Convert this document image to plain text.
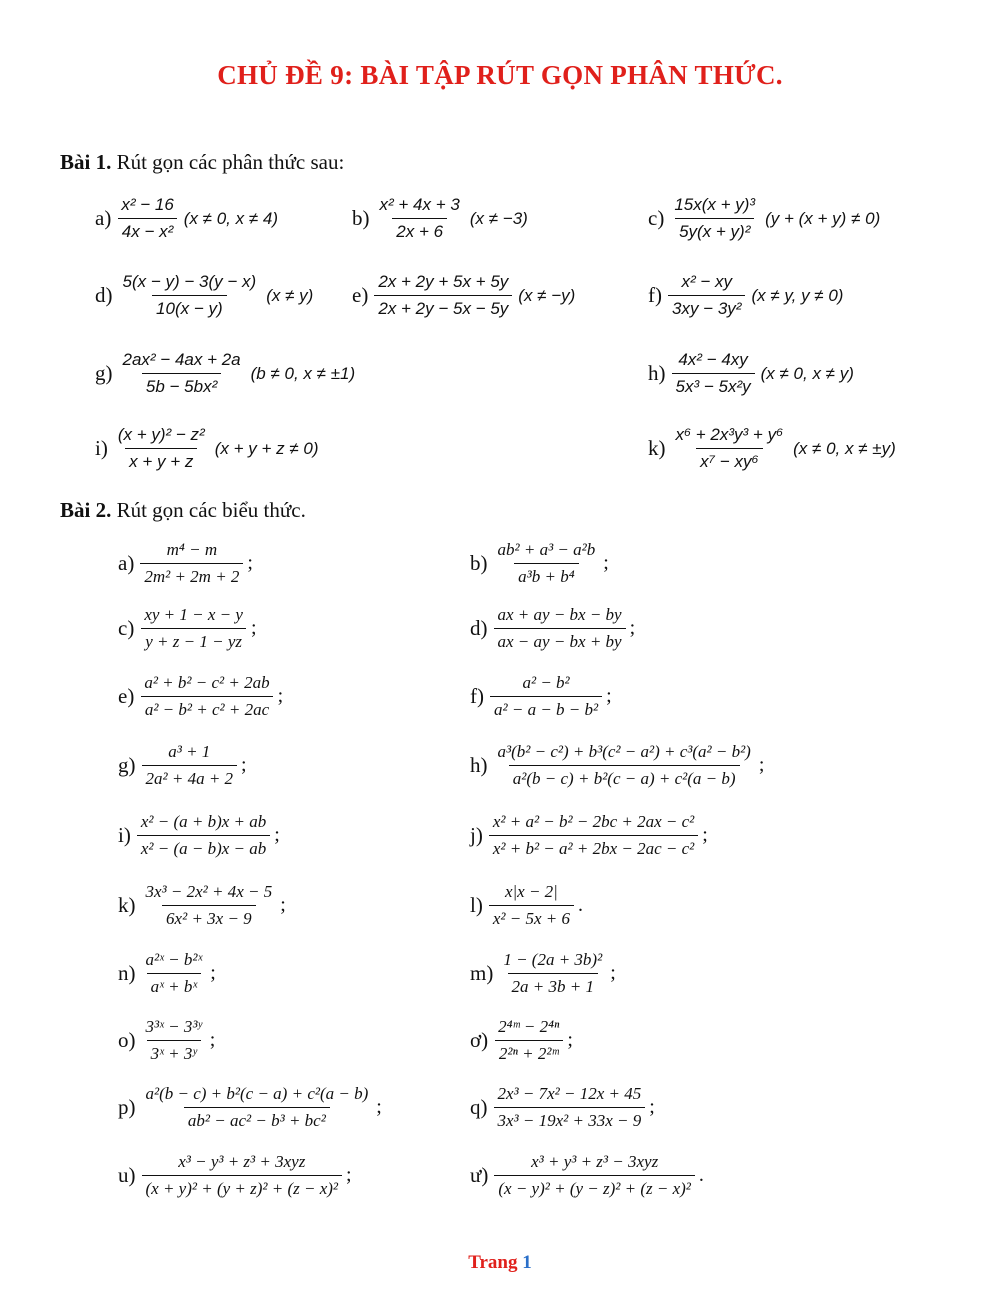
CHỦ ĐỀ 9: BÀI TẬP RÚT GỌN PHÂN THỨC.
Bài 1. Rút gọn các phân thức sau:
$a) \frac{\text{x² − 16}}{\text{4x − x²}} (x \ne 0$, x ≠ 4)	$b) \frac{\text{x² + 4x + 3}}{2x + 6} (x \ne -3)$	$c) \frac{\text{15x(x + y)³}}{\text{5y(x + y)²}} (y + (x + y) \ne 0)$
$d) \frac{5(x - y) - 3(y - x)}{10(x - y)} (x \ne y)$ $e) \frac{2x + 2y + 5x + 5y}{2x + 2y - 5x - 5y} (x \ne -y)$	$f) \frac{\text{x² − xy}}{\text{3xy − 3y²}} (x \ne y$, y ≠ 0)
$g) \frac{\text{2ax² − 4ax + 2a}}{\text{5b − 5bx²}} (b \ne 0$, x ≠ ±1)	$h) \frac{\text{4x² − 4xy}}{\text{5x³ − 5x²y}} (x \ne 0$, x ≠ y)
$i) \frac{\text{(x + y)² − z²}}{x + y + z} (x + y + z \ne 0)$	$k) \frac{\text{x⁶ + 2x³y³ + y⁶}}{\text{x⁷ − xy⁶}} (x \ne 0$, x ≠ ±y)
Bài 2. Rút gọn các biểu thức.
$a) \frac{\text{m⁴ − m}}{\text{2m² + 2m + 2}}$ ;	$b) \frac{\text{ab² + a³ − a²b}}{\text{a³b + b⁴}}$ ;
$c) \frac{xy + 1 - x - y}{y + z - 1 - yz}$ ;	$d) \frac{ax + ay - bx - by}{ax - ay - bx + by}$ ;
$e) \frac{\text{a² + b² − c² + 2ab}}{\text{a² − b² + c² + 2ac}}$ ;	$f) \frac{\text{a² − b²}}{\text{a² − a − b − b²}}$ ;
$g) \frac{\text{a³ + 1}}{\text{2a² + 4a + 2}}$ ;	$h) \frac{\text{a³(b² − c²) + b³(c² − a²) + c³(a² − b²)}}{\text{a²(b − c) + b²(c − a) + c²(a − b)}}$ ;
$i) \frac{\text{x² − (a + b)x + ab}}{\text{x² − (a − b)x − ab}}$ ;	$j) \frac{\text{x² + a² − b² − 2bc + 2ax − c²}}{\text{x² + b² − a² + 2bx − 2ac − c²}}$ ;
$k) \frac{\text{3x³ − 2x² + 4x − 5}}{\text{6x² + 3x − 9}}$ ;	$l) \frac{x|x - 2|}{\text{x² − 5x + 6}}$ .
$n) \frac{\text{a²ˣ − b²ˣ}}{\text{aˣ + bˣ}}$ ;	$m) \frac{\text{1 − (2a + 3b)²}}{2a + 3b + 1}$ ;
$o) \frac{\text{3³ˣ − 3³ʸ}}{\text{3ˣ + 3ʸ}}$ ;	ơ) $\frac{\text{2⁴ᵐ − 2⁴ⁿ}}{\text{2²ⁿ + 2²ᵐ}}$ ;
$p) \frac{\text{a²(b − c) + b²(c − a) + c²(a − b)}}{\text{ab² − ac² − b³ + bc²}}$ ;	$q) \frac{\text{2x³ − 7x² − 12x + 45}}{\text{3x³ − 19x² + 33x − 9}}$ ;
$u) \frac{\text{x³ − y³ + z³ + 3xyz}}{\text{(x + y)² + (y + z)² + (z − x)²}}$ ;	ư) $\frac{\text{x³ + y³ + z³ − 3xyz}}{\text{(x − y)² + (y − z)² + (z − x)²}}$ .
Trang 1
